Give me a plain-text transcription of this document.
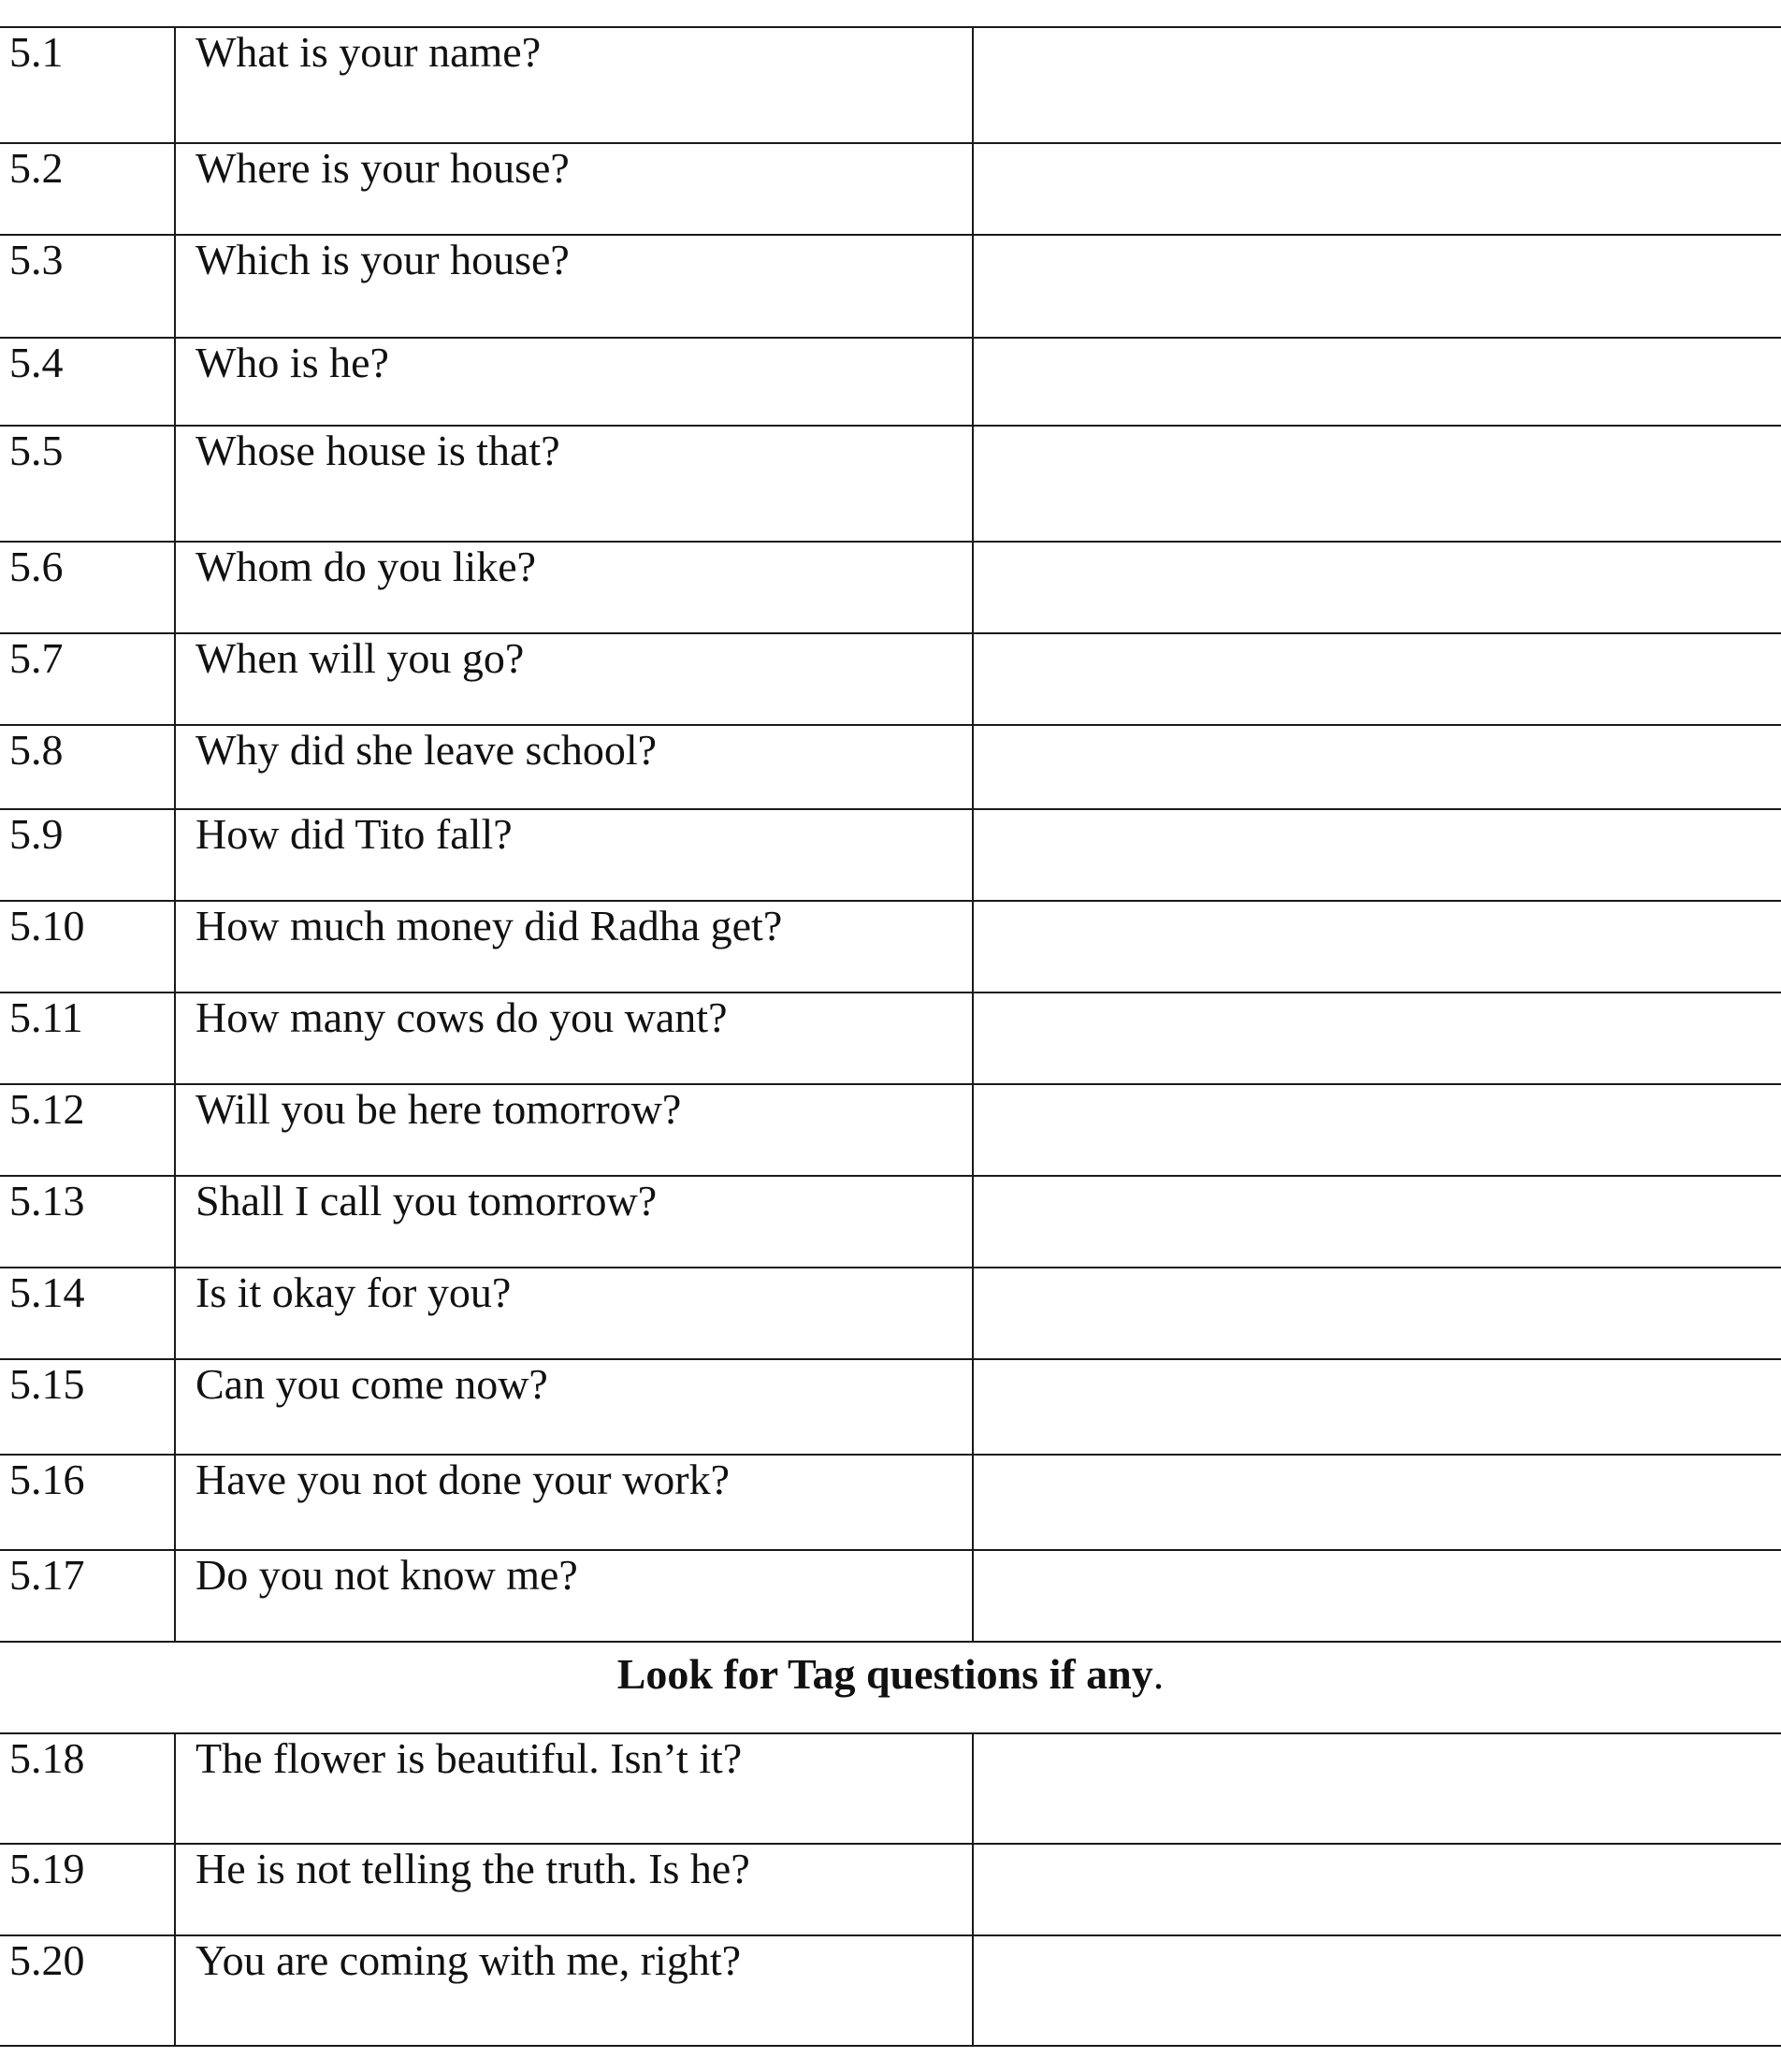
5.1	What is your name?	

5.2	Where is your house?	

5.3	Which is your house?	

5.4	Who is he?	

5.5	Whose house is that?	

5.6	Whom do you like?	

5.7	When will you go?	

5.8	Why did she leave school?	

5.9	How did Tito fall?	

5.10	How much money did Radha get?	

5.11	How many cows do you want?	

5.12	Will you be here tomorrow?	

5.13	Shall I call you tomorrow?	

5.14	Is it okay for you?	

5.15	Can you come now?	

5.16	Have you not done your work?	

5.17	Do you not know me?	

Look for Tag questions if any.		

5.18	The flower is beautiful. Isn’t it?	

5.19	He is not telling the truth. Is he?	

5.20	You are coming with me, right?	
